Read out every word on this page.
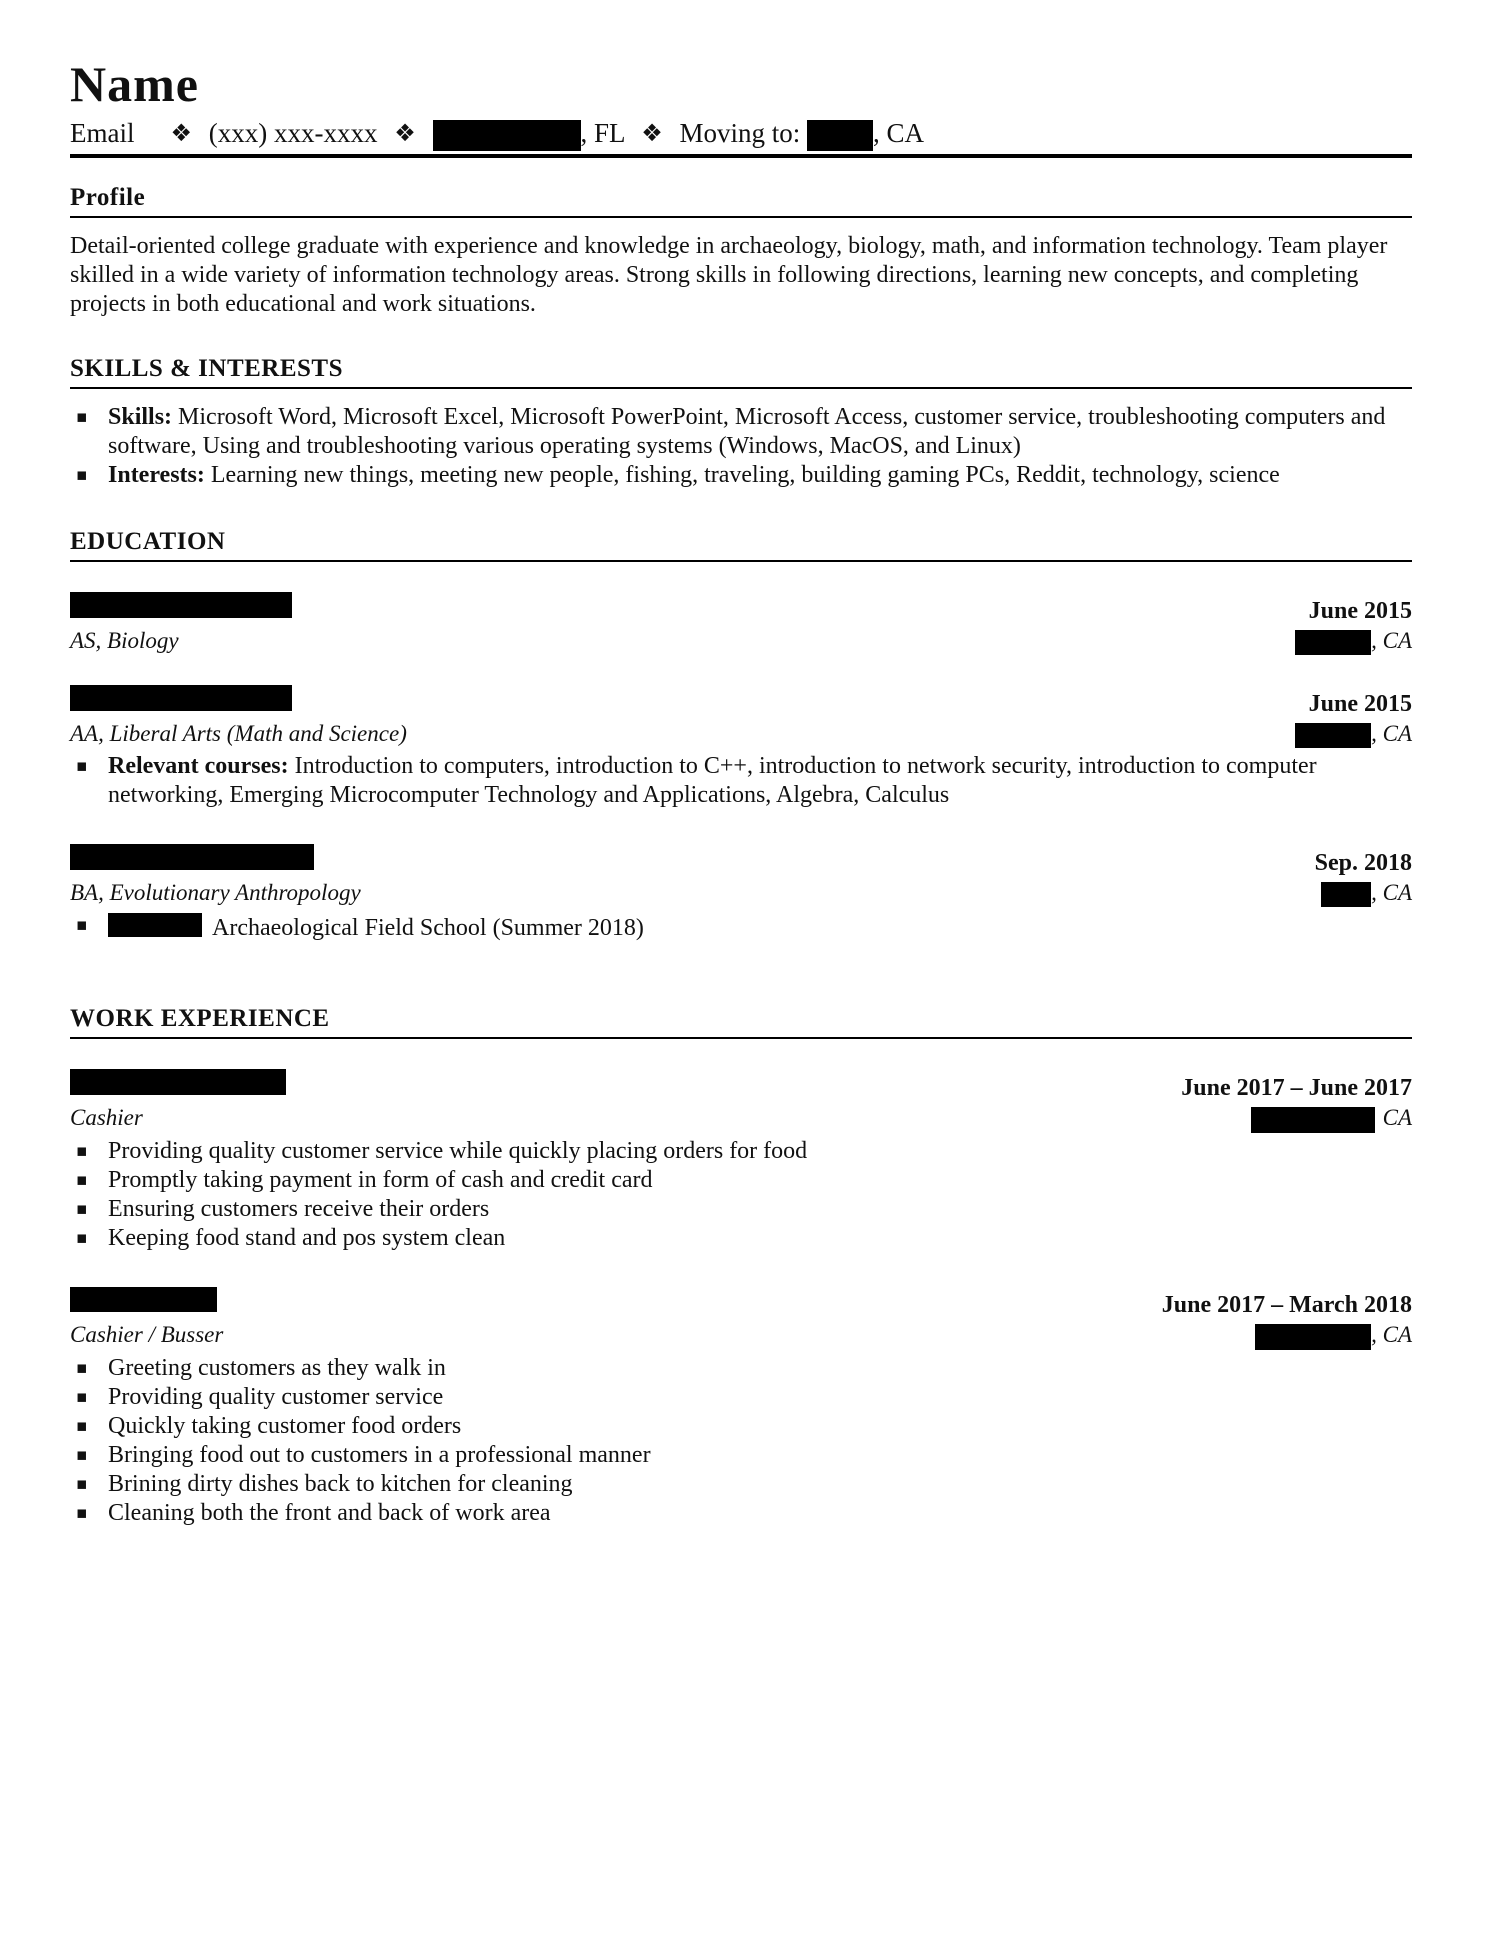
Name
Email ❖ (xxx) xxx-xxxx ❖	, FL ❖ Moving to:	, CA
Profile

Detail-oriented college graduate with experience and knowledge in archaeology, biology, math, and information technology. Team player skilled in a wide variety of information technology areas. Strong skills in following directions, learning new concepts, and completing projects in both educational and work situations.

SKILLS & INTERESTS
▪ Skills: Microsoft Word, Microsoft Excel, Microsoft PowerPoint, Microsoft Access, customer service, troubleshooting computers and software, Using and troubleshooting various operating systems (Windows, MacOS, and Linux)
▪ Interests: Learning new things, meeting new people, fishing, traveling, building gaming PCs, Reddit, technology, science
EDUCATION
June 2015
AS, Biology	, CA
June 2015
AA, Liberal Arts (Math and Science)	, CA
▪ Relevant courses: Introduction to computers, introduction to C++, introduction to network security, introduction to computer networking, Emerging Microcomputer Technology and Applications, Algebra, Calculus
Sep. 2018
BA, Evolutionary Anthropology	, CA
▪ Archaeological Field School (Summer 2018)
WORK EXPERIENCE
June 2017 – June 2017
Cashier	CA
▪ Providing quality customer service while quickly placing orders for food
▪ Promptly taking payment in form of cash and credit card
▪ Ensuring customers receive their orders
▪ Keeping food stand and pos system clean
June 2017 – March 2018
Cashier / Busser	, CA
▪ Greeting customers as they walk in
▪ Providing quality customer service
▪ Quickly taking customer food orders
▪ Bringing food out to customers in a professional manner
▪ Brining dirty dishes back to kitchen for cleaning
▪ Cleaning both the front and back of work area
